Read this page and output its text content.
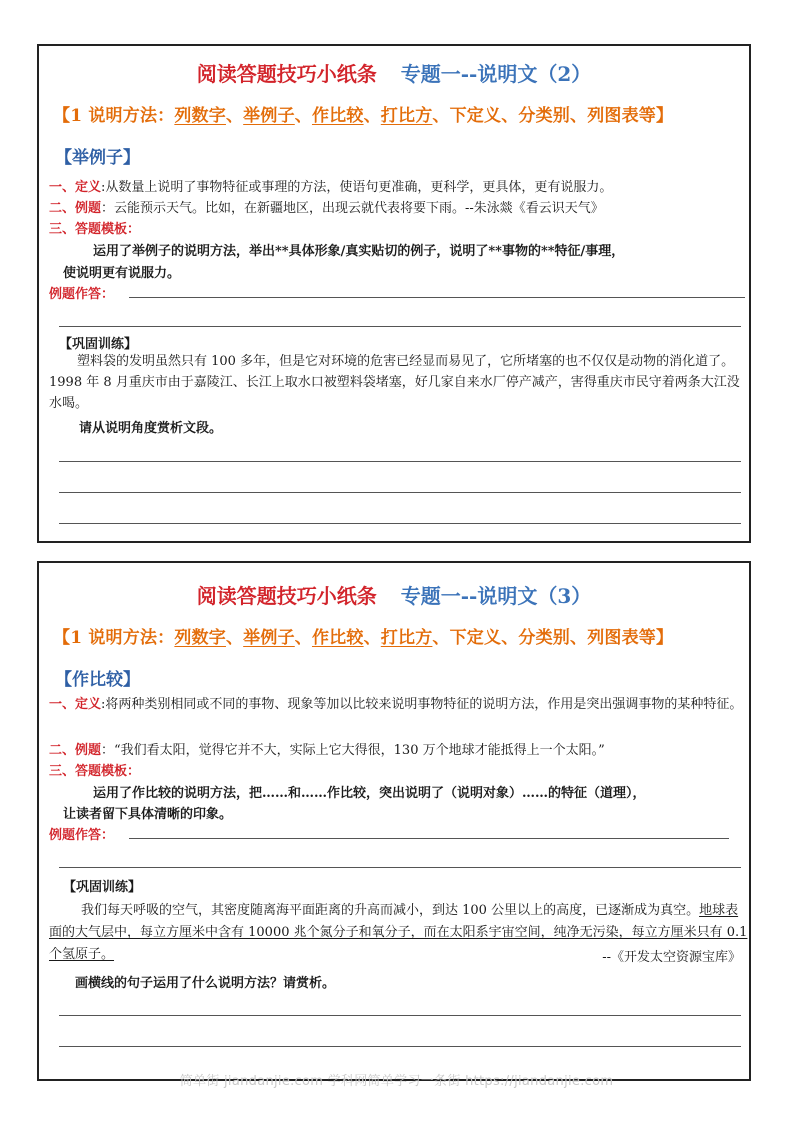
阅读答题技巧小纸条 专题一--说明文（2）
【1 说明方法：列数字、举例子、作比较、打比方、下定义、分类别、列图表等】
【举例子】
一、定义:从数量上说明了事物特征或事理的方法，使语句更准确，更科学，更具体，更有说服力。
二、例题：云能预示天气。比如，在新疆地区，出现云就代表将要下雨。--朱泳燚《看云识天气》
三、答题模板：
运用了举例子的说明方法，举出**具体形象/真实贴切的例子，说明了**事物的**特征/事理，
使说明更有说服力。
例题作答：
【巩固训练】
塑料袋的发明虽然只有 100 多年，但是它对环境的危害已经显而易见了，它所堵塞的也不仅仅是动物的消化道了。1998 年 8 月重庆市由于嘉陵江、长江上取水口被塑料袋堵塞，好几家自来水厂停产减产，害得重庆市民守着两条大江没水喝。
请从说明角度赏析文段。
阅读答题技巧小纸条 专题一--说明文（3）
【1 说明方法：列数字、举例子、作比较、打比方、下定义、分类别、列图表等】
【作比较】
一、定义:将两种类别相同或不同的事物、现象等加以比较来说明事物特征的说明方法，作用是突出强调事物的某种特征。
二、例题：“我们看太阳，觉得它并不大，实际上它大得很，130 万个地球才能抵得上一个太阳。”
三、答题模板：
运用了作比较的说明方法，把……和……作比较，突出说明了（说明对象）……的特征（道理），
让读者留下具体清晰的印象。
例题作答：
【巩固训练】
我们每天呼吸的空气，其密度随离海平面距离的升高而减小，到达 100 公里以上的高度，已逐渐成为真空。地球表面的大气层中，每立方厘米中含有 10000 兆个氮分子和氧分子，而在太阳系宇宙空间，纯净无污染，每立方厘米只有 0.1 个氢原子。	--《开发太空资源宝库》
画横线的句子运用了什么说明方法？请赏析。
简单街 jiandanjie.com 学科网简单学习一条街 https://jiandanjie.com
